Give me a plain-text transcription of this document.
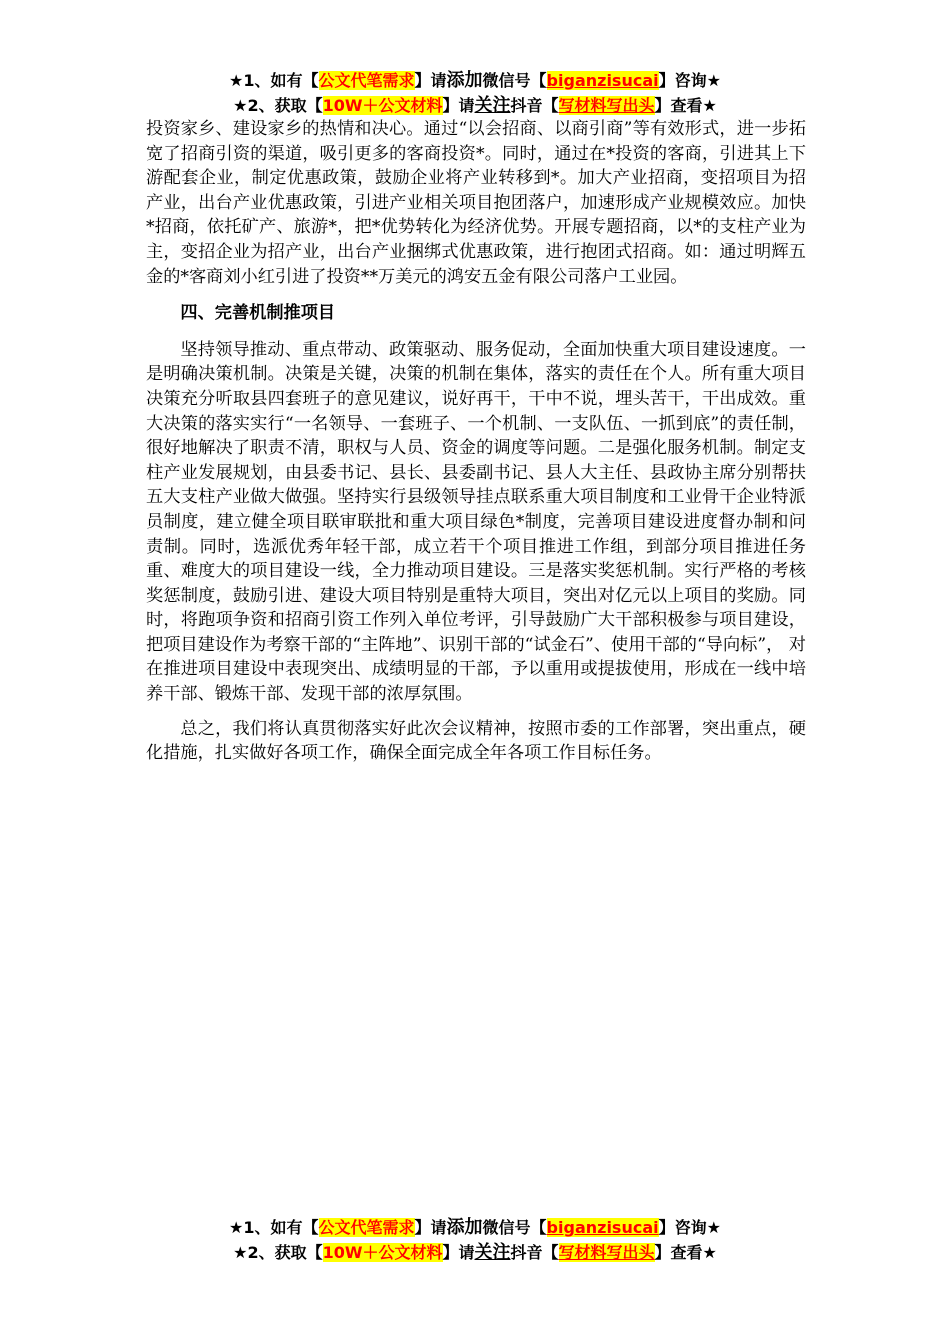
★1、如有【公文代笔需求】请添加微信号【biganzisucai】咨询★
★2、获取【10W＋公文材料】请关注抖音【写材料写出头】查看★

投资家乡、建设家乡的热情和决心。通过“以会招商、以商引商”等有效形式，进一步拓宽了招商引资的渠道，吸引更多的客商投资*。同时，通过在*投资的客商，引进其上下游配套企业，制定优惠政策，鼓励企业将产业转移到*。加大产业招商，变招项目为招产业，出台产业优惠政策，引进产业相关项目抱团落户，加速形成产业规模效应。加快*招商，依托矿产、旅游*，把*优势转化为经济优势。开展专题招商，以*的支柱产业为主，变招企业为招产业，出台产业捆绑式优惠政策，进行抱团式招商。如：通过明辉五金的*客商刘小红引进了投资**万美元的鸿安五金有限公司落户工业园。

四、完善机制推项目

坚持领导推动、重点带动、政策驱动、服务促动，全面加快重大项目建设速度。一是明确决策机制。决策是关键，决策的机制在集体，落实的责任在个人。所有重大项目决策充分听取县四套班子的意见建议，说好再干，干中不说，埋头苦干，干出成效。重大决策的落实实行“一名领导、一套班子、一个机制、一支队伍、一抓到底”的责任制，很好地解决了职责不清，职权与人员、资金的调度等问题。二是强化服务机制。制定支柱产业发展规划，由县委书记、县长、县委副书记、县人大主任、县政协主席分别帮扶五大支柱产业做大做强。坚持实行县级领导挂点联系重大项目制度和工业骨干企业特派员制度，建立健全项目联审联批和重大项目绿色*制度，完善项目建设进度督办制和问责制。同时，选派优秀年轻干部，成立若干个项目推进工作组，到部分项目推进任务重、难度大的项目建设一线，全力推动项目建设。三是落实奖惩机制。实行严格的考核奖惩制度，鼓励引进、建设大项目特别是重特大项目，突出对亿元以上项目的奖励。同时，将跑项争资和招商引资工作列入单位考评，引导鼓励广大干部积极参与项目建设，把项目建设作为考察干部的“主阵地”、识别干部的“试金石”、使用干部的“导向标”， 对在推进项目建设中表现突出、成绩明显的干部，予以重用或提拔使用，形成在一线中培养干部、锻炼干部、发现干部的浓厚氛围。

总之，我们将认真贯彻落实好此次会议精神，按照市委的工作部署，突出重点，硬化措施，扎实做好各项工作，确保全面完成全年各项工作目标任务。

★1、如有【公文代笔需求】请添加微信号【biganzisucai】咨询★
★2、获取【10W＋公文材料】请关注抖音【写材料写出头】查看★
